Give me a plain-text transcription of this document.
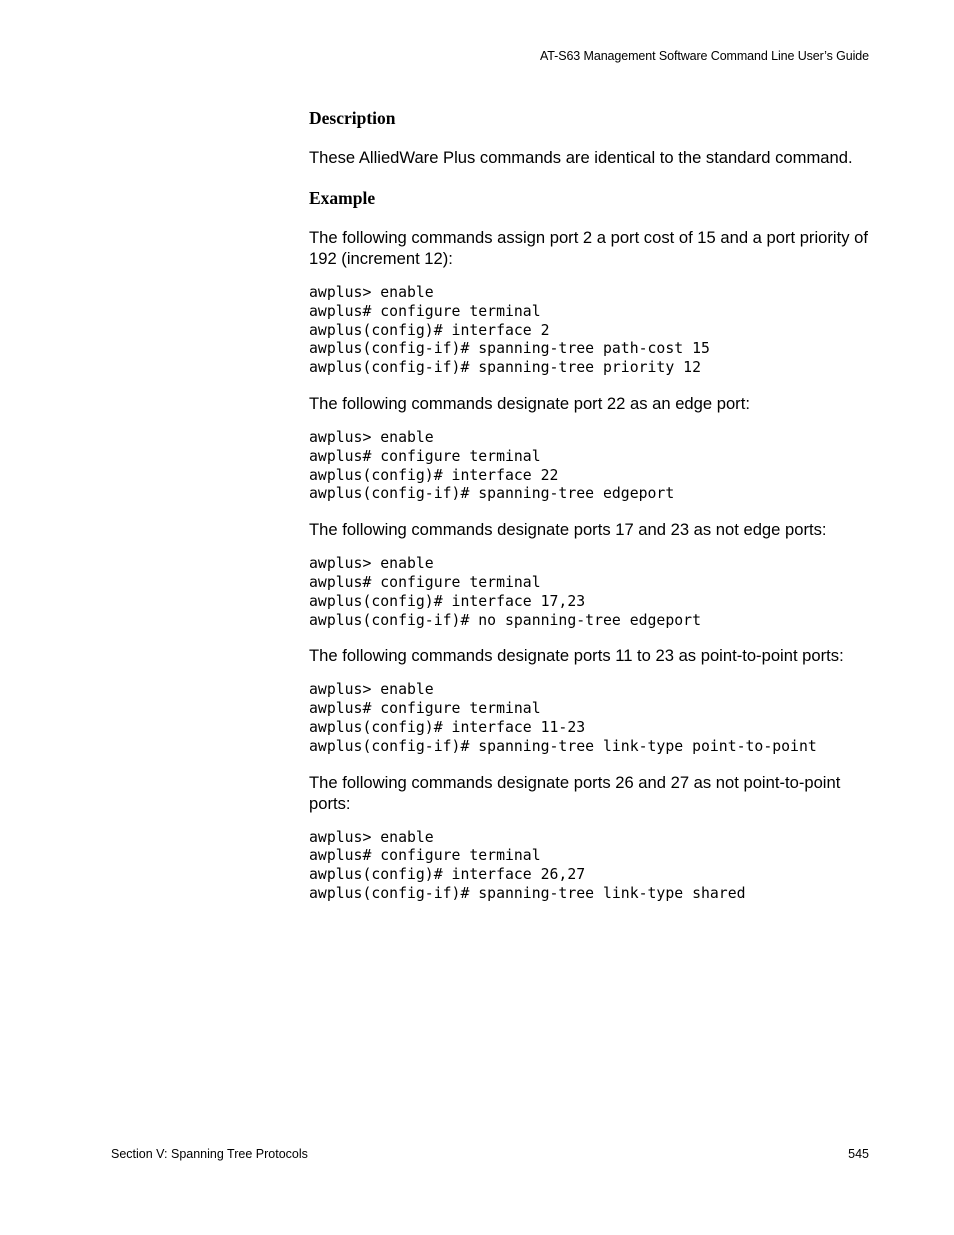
AT-S63 Management Software Command Line User’s Guide
Description

These AlliedWare Plus commands are identical to the standard command.

Example

The following commands assign port 2 a port cost of 15 and a port priority of 192 (increment 12):

awplus> enable
awplus# configure terminal
awplus(config)# interface 2
awplus(config-if)# spanning-tree path-cost 15
awplus(config-if)# spanning-tree priority 12

The following commands designate port 22 as an edge port:

awplus> enable
awplus# configure terminal
awplus(config)# interface 22
awplus(config-if)# spanning-tree edgeport

The following commands designate ports 17 and 23 as not edge ports:

awplus> enable
awplus# configure terminal
awplus(config)# interface 17,23
awplus(config-if)# no spanning-tree edgeport

The following commands designate ports 11 to 23 as point-to-point ports:

awplus> enable
awplus# configure terminal
awplus(config)# interface 11-23
awplus(config-if)# spanning-tree link-type point-to-point

The following commands designate ports 26 and 27 as not point-to-point ports:

awplus> enable
awplus# configure terminal
awplus(config)# interface 26,27
awplus(config-if)# spanning-tree link-type shared
Section V: Spanning Tree Protocols	545
